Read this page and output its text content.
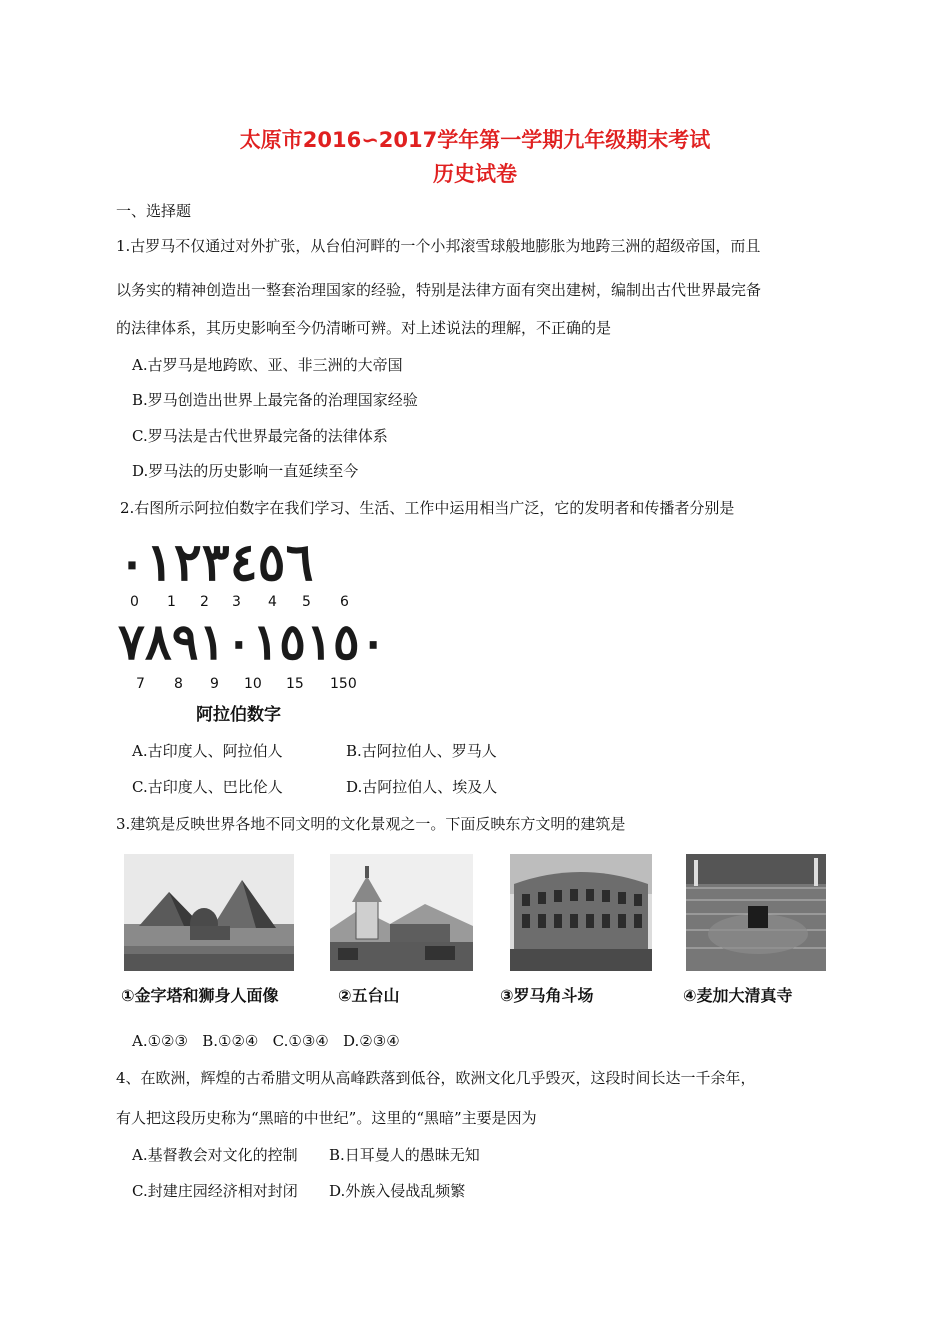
太原市2016∽2017学年第一学期九年级期末考试
历史试卷
一、选择题
1.古罗马不仅通过对外扩张，从台伯河畔的一个小邦滚雪球般地膨胀为地跨三洲的超级帝国，而且
以务实的精神创造出一整套治理国家的经验，特别是法律方面有突出建树，编制出古代世界最完备
的法律体系，其历史影响至今仍清晰可辨。对上述说法的理解，不正确的是
A.古罗马是地跨欧、亚、非三洲的大帝国
B.罗马创造出世界上最完备的治理国家经验
C.罗马法是古代世界最完备的法律体系
D.罗马法的历史影响一直延续至今
2.右图所示阿拉伯数字在我们学习、生活、工作中运用相当广泛，它的发明者和传播者分别是
٠١٢٣٤٥٦
0 1 2 3 4 5 6
٧٨٩١٠١٥١٥٠
7 8 9 10 15 150
阿拉伯数字
A.古印度人、阿拉伯人	B.古阿拉伯人、罗马人
C.古印度人、巴比伦人	D.古阿拉伯人、埃及人
3.建筑是反映世界各地不同文明的文化景观之一。下面反映东方文明的建筑是
①金字塔和狮身人面像	②五台山	③罗马角斗场	④麦加大清真寺
A.①②③   B.①②④   C.①③④   D.②③④
4、在欧洲，辉煌的古希腊文明从高峰跌落到低谷，欧洲文化几乎毁灭，这段时间长达一千余年，
有人把这段历史称为“黑暗的中世纪”。这里的“黑暗”主要是因为
A.基督教会对文化的控制 B.日耳曼人的愚昧无知
C.封建庄园经济相对封闭 D.外族入侵战乱频繁
